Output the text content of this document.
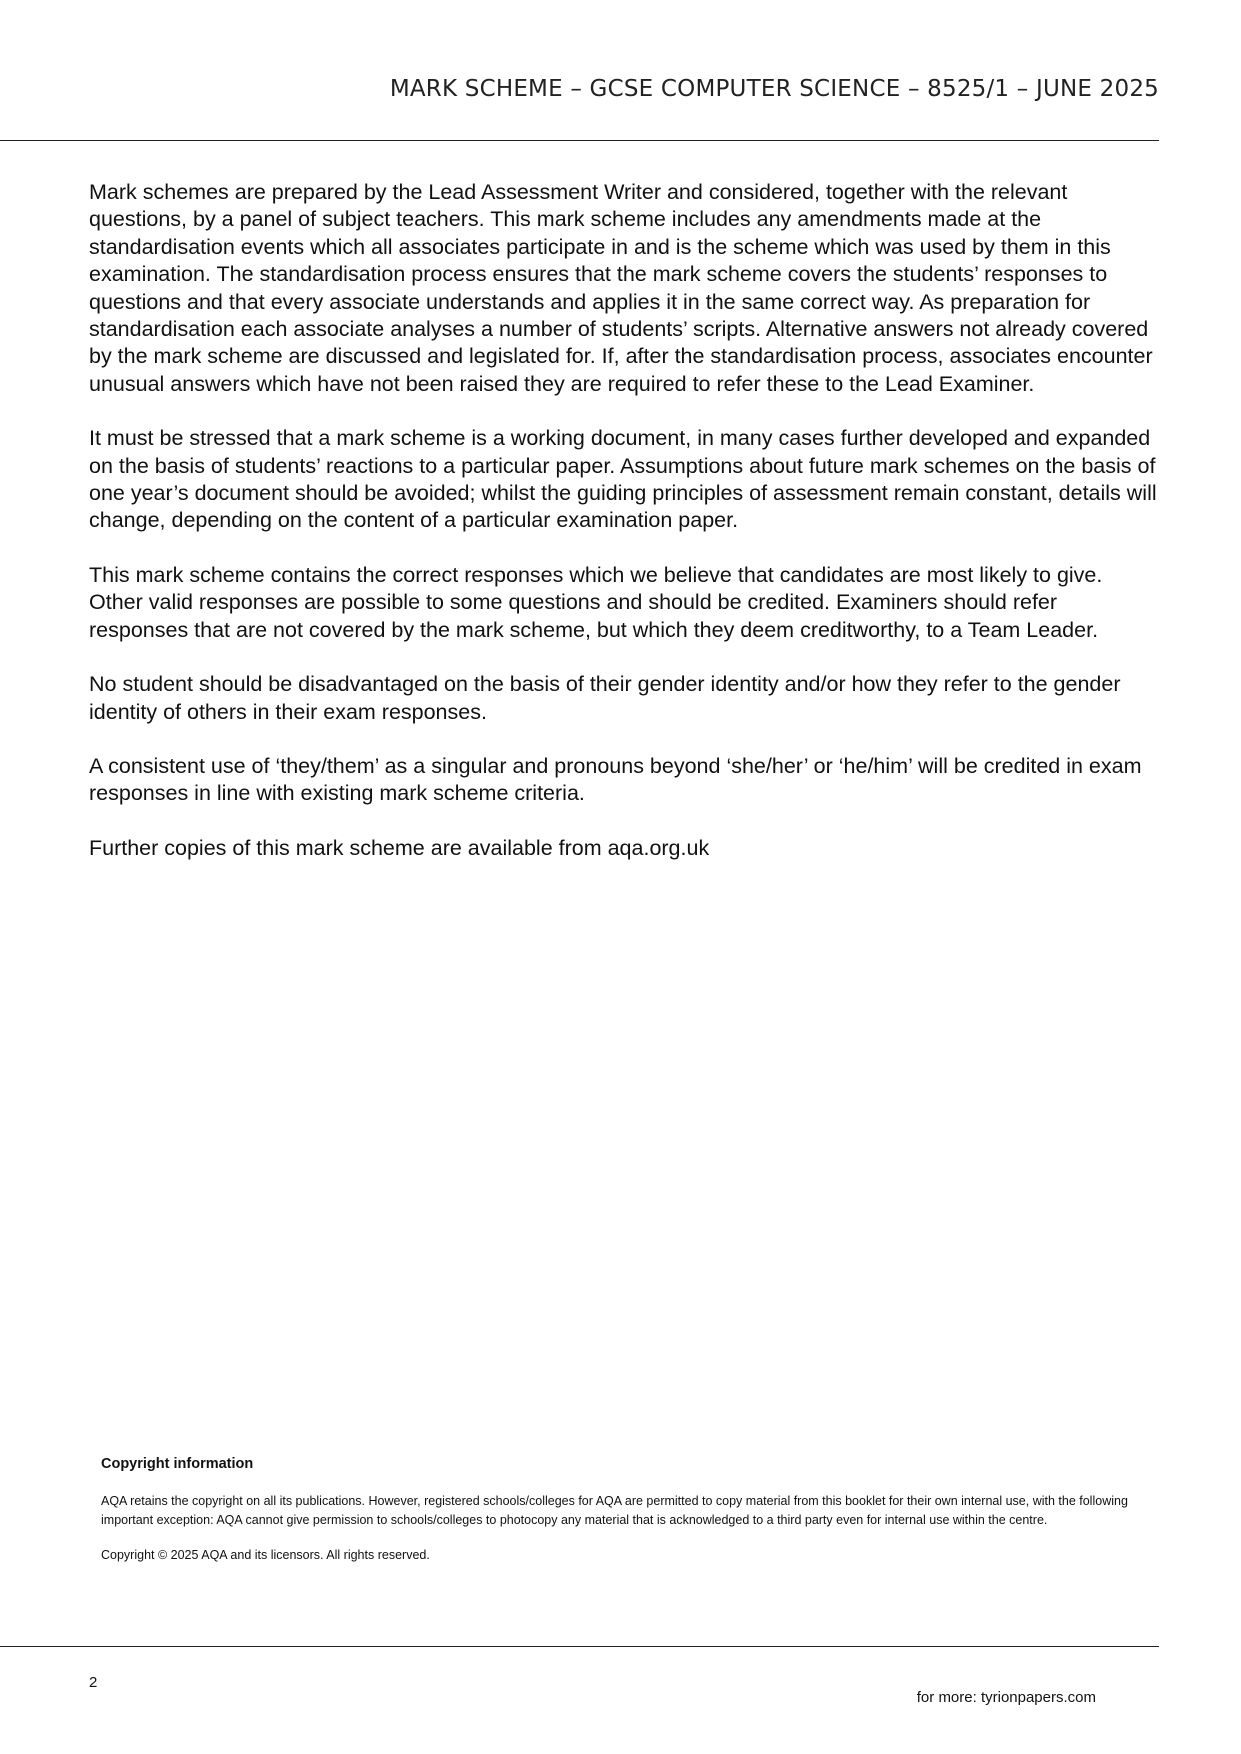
MARK SCHEME – GCSE COMPUTER SCIENCE – 8525/1 – JUNE 2025

Mark schemes are prepared by the Lead Assessment Writer and considered, together with the relevant questions, by a panel of subject teachers. This mark scheme includes any amendments made at the standardisation events which all associates participate in and is the scheme which was used by them in this examination. The standardisation process ensures that the mark scheme covers the students’ responses to questions and that every associate understands and applies it in the same correct way. As preparation for standardisation each associate analyses a number of students’ scripts. Alternative answers not already covered by the mark scheme are discussed and legislated for. If, after the standardisation process, associates encounter unusual answers which have not been raised they are required to refer these to the Lead Examiner.

It must be stressed that a mark scheme is a working document, in many cases further developed and expanded on the basis of students’ reactions to a particular paper. Assumptions about future mark schemes on the basis of one year’s document should be avoided; whilst the guiding principles of assessment remain constant, details will change, depending on the content of a particular examination paper.

This mark scheme contains the correct responses which we believe that candidates are most likely to give. Other valid responses are possible to some questions and should be credited. Examiners should refer responses that are not covered by the mark scheme, but which they deem creditworthy, to a Team Leader.

No student should be disadvantaged on the basis of their gender identity and/or how they refer to the gender identity of others in their exam responses.

A consistent use of ‘they/them’ as a singular and pronouns beyond ‘she/her’ or ‘he/him’ will be credited in exam responses in line with existing mark scheme criteria.

Further copies of this mark scheme are available from aqa.org.uk

Copyright information

AQA retains the copyright on all its publications. However, registered schools/colleges for AQA are permitted to copy material from this booklet for their own internal use, with the following important exception: AQA cannot give permission to schools/colleges to photocopy any material that is acknowledged to a third party even for internal use within the centre.

Copyright © 2025 AQA and its licensors. All rights reserved.

2
for more: tyrionpapers.com
